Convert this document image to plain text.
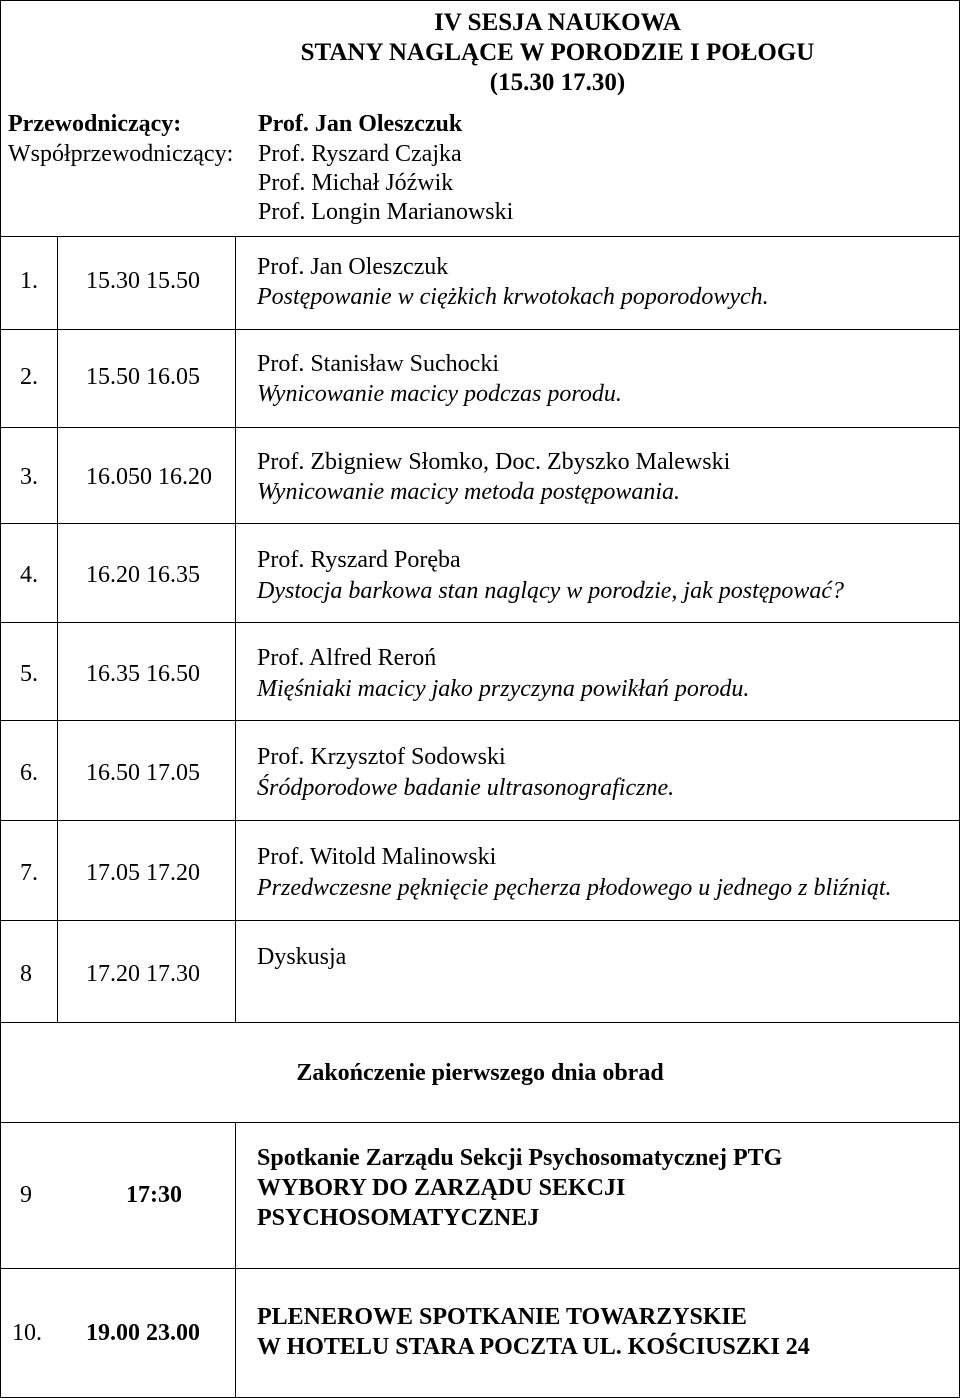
IV SESJA NAUKOWA
STANY NAGLĄCE W PORODZIE I POŁOGU
(15.30 17.30)
Przewodniczący:	Prof. Jan Oleszczuk
Współprzewodniczący: Prof. Ryszard Czajka
Prof. Michał Jóźwik
Prof. Longin Marianowski
1. 15.30 15.50
Prof. Jan Oleszczuk
Postępowanie w ciężkich krwotokach poporodowych.
2. 15.50 16.05 Prof. Stanisław Suchocki
Wynicowanie macicy podczas porodu.
3. 16.050 16.20
Prof. Zbigniew Słomko, Doc. Zbyszko Malewski
Wynicowanie macicy metoda postępowania.
4. 16.20 16.35
Prof. Ryszard Poręba
Dystocja barkowa stan naglący w porodzie, jak postępować?
5. 16.35 16.50
Prof. Alfred Reroń
Mięśniaki macicy jako przyczyna powikłań porodu.
6. 16.50 17.05
Prof. Krzysztof Sodowski
Śródporodowe badanie ultrasonograficzne.
7. 17.05 17.20
Prof. Witold Malinowski
Przedwczesne pęknięcie pęcherza płodowego u jednego z bliźniąt.
8 17.20 17.30
Dyskusja
Zakończenie pierwszego dnia obrad
9	17:30
Spotkanie Zarządu Sekcji Psychosomatycznej PTG
WYBORY DO ZARZĄDU SEKCJI
PSYCHOSOMATYCZNEJ
10. 19.00 23.00
PLENEROWE SPOTKANIE TOWARZYSKIE
W HOTELU STARA POCZTA UL. KOŚCIUSZKI 24
